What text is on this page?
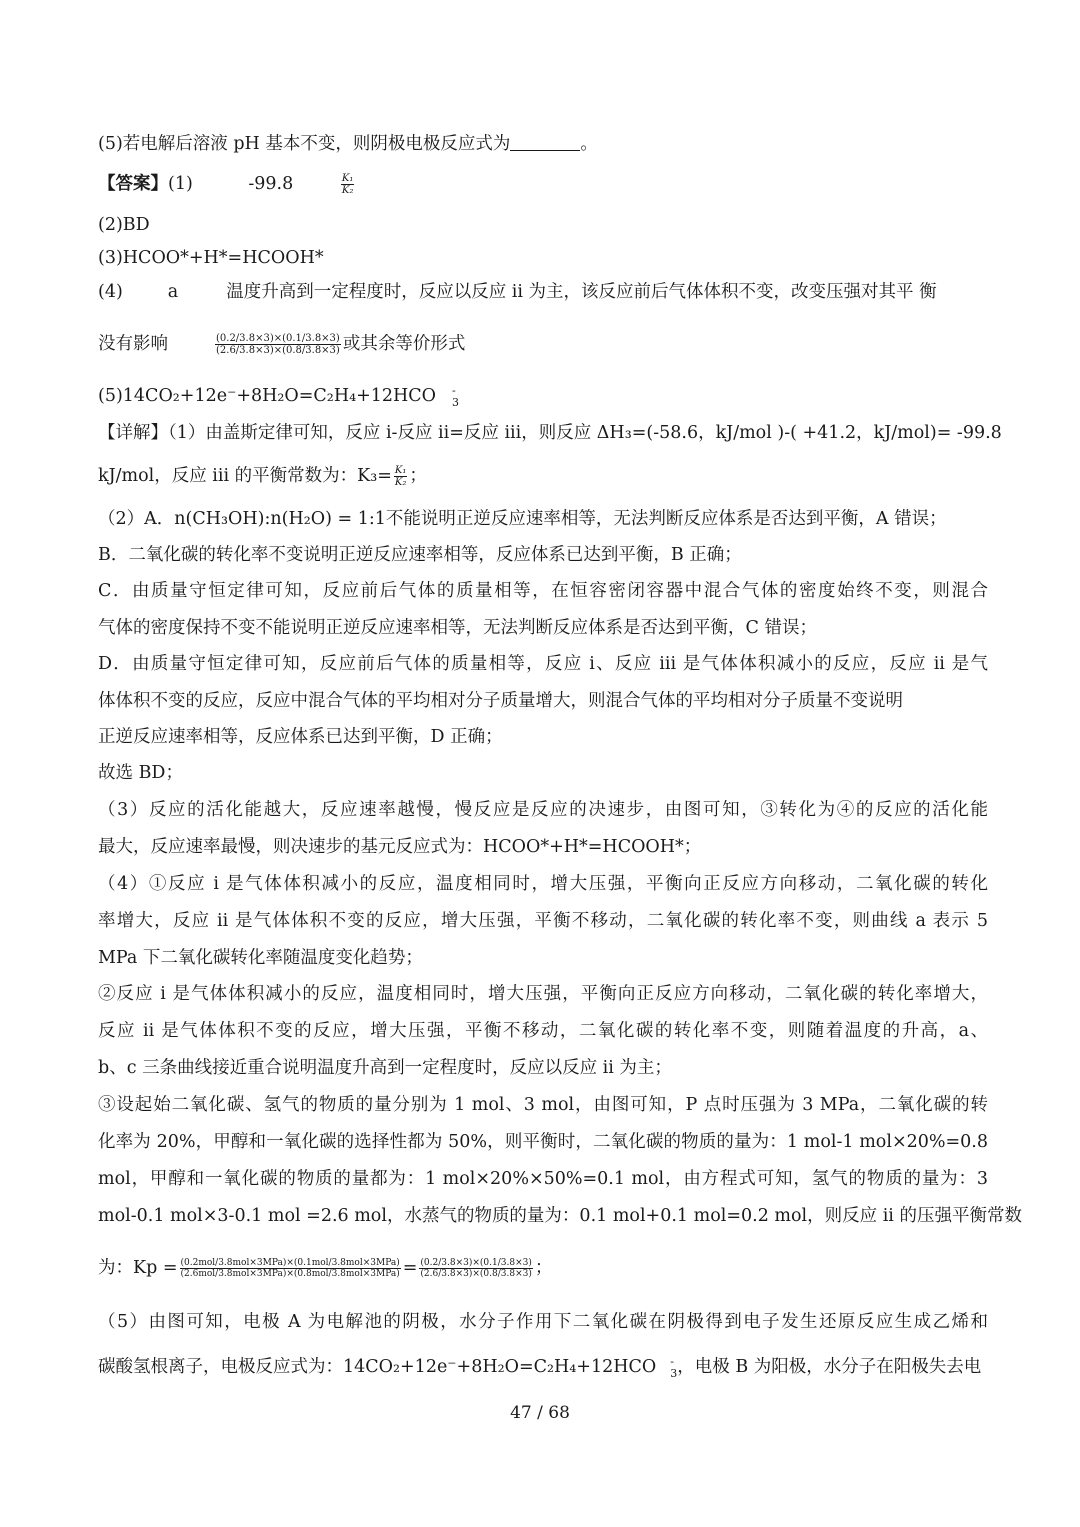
(5)若电解后溶液 pH 基本不变，则阴极电极反应式为	。
【答案】(1)	-99.8	$\frac{\text{K₁}}{\text{K₂}}$
(2)BD
(3)HCOO*+H*=HCOOH*
(4)	a	温度升高到一定程度时，反应以反应 ii 为主，该反应前后气体体积不变，改变压强对其平 衡
没有影响	$\frac{(0.2/3.8\times 3)\times(0.1/3.8\times 3)}{(2.6/3.8\times 3)\times(0.8/3.8\times 3)}$ 或其余等价形式
(5)14CO₂+12e⁻+8H₂O=C₂H₄+12HCO -
3
【详解】（1）由盖斯定律可知，反应 i-反应 ii=反应 iii，则反应 ΔH₃=(-58.6，kJ/mol )-( +41.2，kJ/mol)= -99.8
kJ/mol，反应 iii 的平衡常数为：$K_3= \frac{\text{K₁}}{\text{K₂}}$ ；
（2）A．n(CH₃OH):n(H₂O) = 1:1不能说明正逆反应速率相等，无法判断反应体系是否达到平衡，A 错误；
B．二氧化碳的转化率不变说明正逆反应速率相等，反应体系已达到平衡，B 正确；
C．由质量守恒定律可知，反应前后气体的质量相等，在恒容密闭容器中混合气体的密度始终不变，则混合
气体的密度保持不变不能说明正逆反应速率相等，无法判断反应体系是否达到平衡，C 错误；
D．由质量守恒定律可知，反应前后气体的质量相等，反应 i、反应 iii 是气体体积减小的反应，反应 ii 是气
体体积不变的反应，反应中混合气体的平均相对分子质量增大，则混合气体的平均相对分子质量不变说明
正逆反应速率相等，反应体系已达到平衡，D 正确；
故选 BD；
（3）反应的活化能越大，反应速率越慢，慢反应是反应的决速步，由图可知，③转化为④的反应的活化能
最大，反应速率最慢，则决速步的基元反应式为：HCOO*+H*=HCOOH*；
（4）①反应 i 是气体体积减小的反应，温度相同时，增大压强，平衡向正反应方向移动，二氧化碳的转化
率增大，反应 ii 是气体体积不变的反应，增大压强，平衡不移动，二氧化碳的转化率不变，则曲线 a 表示 5
MPa 下二氧化碳转化率随温度变化趋势；
②反应 i 是气体体积减小的反应，温度相同时，增大压强，平衡向正反应方向移动，二氧化碳的转化率增大，
反应 ii 是气体体积不变的反应，增大压强，平衡不移动，二氧化碳的转化率不变，则随着温度的升高，a、
b、c 三条曲线接近重合说明温度升高到一定程度时，反应以反应 ii 为主；
③设起始二氧化碳、氢气的物质的量分别为 1 mol、3 mol，由图可知，P 点时压强为 3 MPa，二氧化碳的转
化率为 20%，甲醇和一氧化碳的选择性都为 50%，则平衡时，二氧化碳的物质的量为：1 mol-1 mol×20%=0.8
mol，甲醇和一氧化碳的物质的量都为：1 mol×20%×50%=0.1 mol，由方程式可知，氢气的物质的量为：3
mol-0.1 mol×3-0.1 mol =2.6 mol，水蒸气的物质的量为：0.1 mol+0.1 mol=0.2 mol，则反应 ii 的压强平衡常数
为：$Kp = \frac{\text{(0.2mol/3.8mol×3MPa)×(0.1mol/3.8mol×3MPa)}}{\text{(2.6mol/3.8mol×3MPa)×(0.8mol/3.8mol×3MPa)}} = \frac{(0.2/3.8\times 3)\times(0.1/3.8\times 3)}{(2.6/3.8\times 3)\times(0.8/3.8\times 3)}$ ；
（5）由图可知，电极 A 为电解池的阴极，水分子作用下二氧化碳在阴极得到电子发生还原反应生成乙烯和
碳酸氢根离子，电极反应式为：14CO₂+12e⁻+8H₂O=C₂H₄+12HCO -
3 ，电极 B 为阳极，水分子在阳极失去电
47 / 68
